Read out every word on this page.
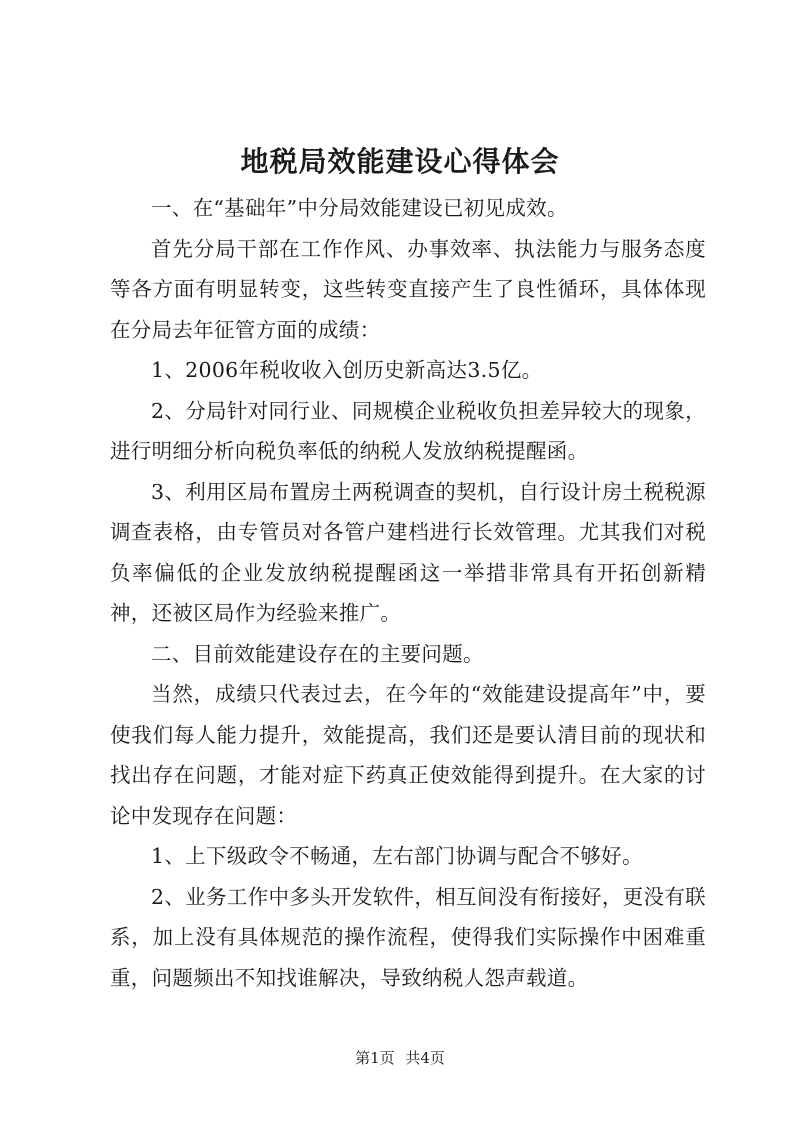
地税局效能建设心得体会

一、在“基础年”中分局效能建设已初见成效。

首先分局干部在工作作风、办事效率、执法能力与服务态度等各方面有明显转变，这些转变直接产生了良性循环，具体体现在分局去年征管方面的成绩：

1、2006年税收收入创历史新高达3.5亿。

2、分局针对同行业、同规模企业税收负担差异较大的现象，进行明细分析向税负率低的纳税人发放纳税提醒函。

3、利用区局布置房土两税调查的契机，自行设计房土税税源调查表格，由专管员对各管户建档进行长效管理。尤其我们对税负率偏低的企业发放纳税提醒函这一举措非常具有开拓创新精神，还被区局作为经验来推广。

二、目前效能建设存在的主要问题。

当然，成绩只代表过去，在今年的“效能建设提高年”中，要使我们每人能力提升，效能提高，我们还是要认清目前的现状和找出存在问题，才能对症下药真正使效能得到提升。在大家的讨论中发现存在问题：

1、上下级政令不畅通，左右部门协调与配合不够好。

2、业务工作中多头开发软件，相互间没有衔接好，更没有联系，加上没有具体规范的操作流程，使得我们实际操作中困难重重，问题频出不知找谁解决，导致纳税人怨声载道。

第1页 共4页
